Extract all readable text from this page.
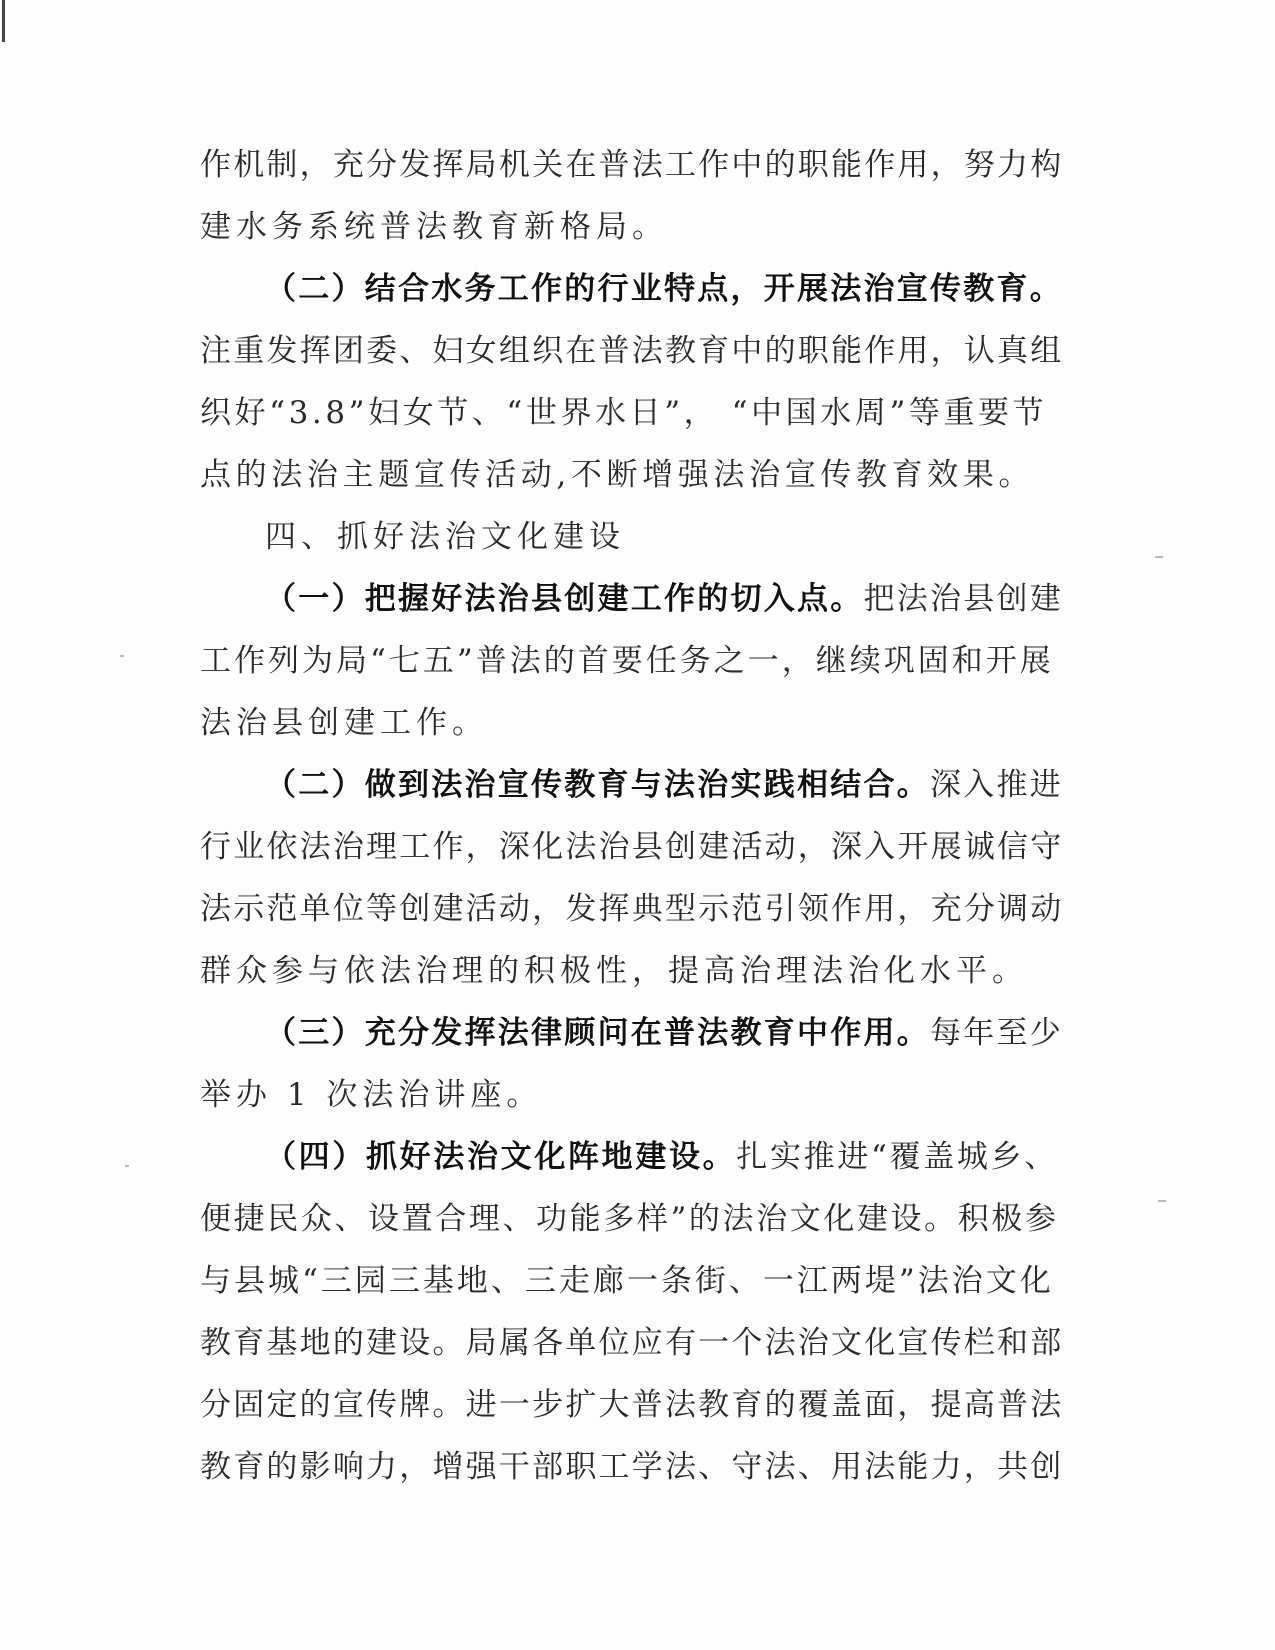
作机制，充分发挥局机关在普法工作中的职能作用，努力构
建水务系统普法教育新格局。
（二）结合水务工作的行业特点，开展法治宣传教育。
注重发挥团委、妇女组织在普法教育中的职能作用，认真组
织好“3.8”妇女节、“世界水日”， “中国水周”等重要节
点的法治主题宣传活动,不断增强法治宣传教育效果。
四、抓好法治文化建设
（一）把握好法治县创建工作的切入点。把法治县创建
工作列为局“七五”普法的首要任务之一，继续巩固和开展
法治县创建工作。
（二）做到法治宣传教育与法治实践相结合。深入推进
行业依法治理工作，深化法治县创建活动，深入开展诚信守
法示范单位等创建活动，发挥典型示范引领作用，充分调动
群众参与依法治理的积极性，提高治理法治化水平。
（三）充分发挥法律顾问在普法教育中作用。每年至少
举办 1 次法治讲座。
（四）抓好法治文化阵地建设。扎实推进“覆盖城乡、
便捷民众、设置合理、功能多样”的法治文化建设。积极参
与县城“三园三基地、三走廊一条街、一江两堤”法治文化
教育基地的建设。局属各单位应有一个法治文化宣传栏和部
分固定的宣传牌。进一步扩大普法教育的覆盖面，提高普法
教育的影响力，增强干部职工学法、守法、用法能力，共创
